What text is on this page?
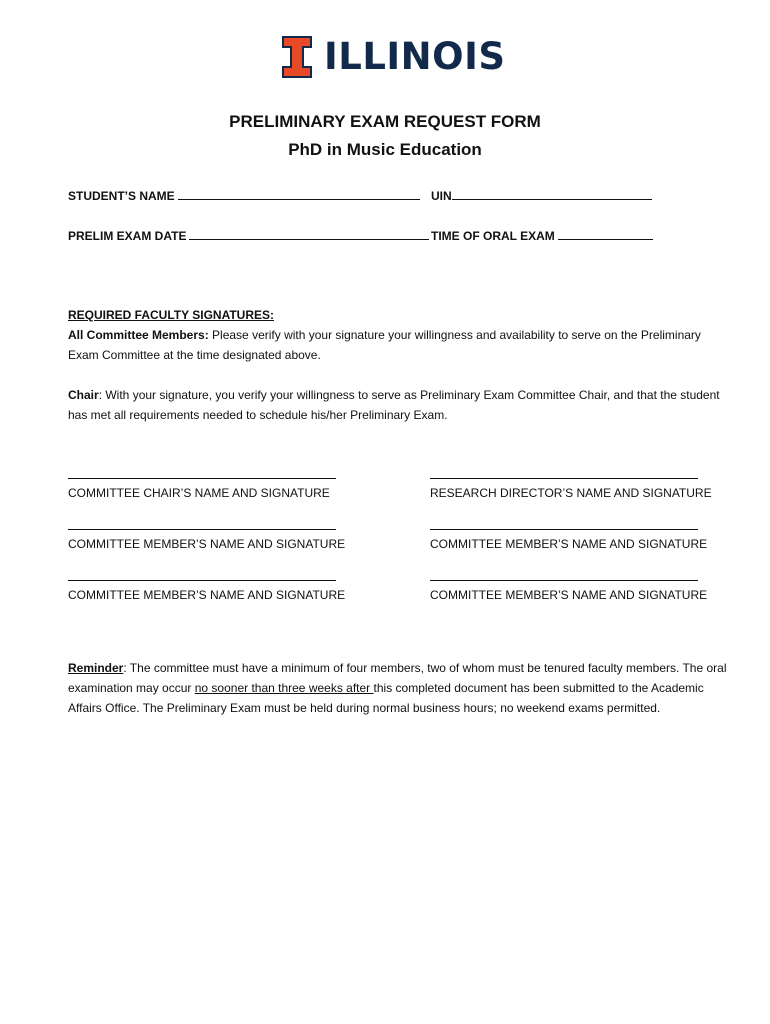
ILLINOIS
PRELIMINARY EXAM REQUEST FORM
PhD in Music Education
STUDENT’S NAME	UIN
PRELIM EXAM DATE	TIME OF ORAL EXAM
REQUIRED FACULTY SIGNATURES:
All Committee Members: Please verify with your signature your willingness and availability to serve on the Preliminary Exam Committee at the time designated above.
Chair: With your signature, you verify your willingness to serve as Preliminary Exam Committee Chair, and that the student has met all requirements needed to schedule his/her Preliminary Exam.
COMMITTEE CHAIR’S NAME AND SIGNATURE	RESEARCH DIRECTOR’S NAME AND SIGNATURE
COMMITTEE MEMBER’S NAME AND SIGNATURE	COMMITTEE MEMBER’S NAME AND SIGNATURE
COMMITTEE MEMBER’S NAME AND SIGNATURE	COMMITTEE MEMBER’S NAME AND SIGNATURE
Reminder: The committee must have a minimum of four members, two of whom must be tenured faculty members. The oral examination may occur no sooner than three weeks after this completed document has been submitted to the Academic Affairs Office. The Preliminary Exam must be held during normal business hours; no weekend exams permitted.
